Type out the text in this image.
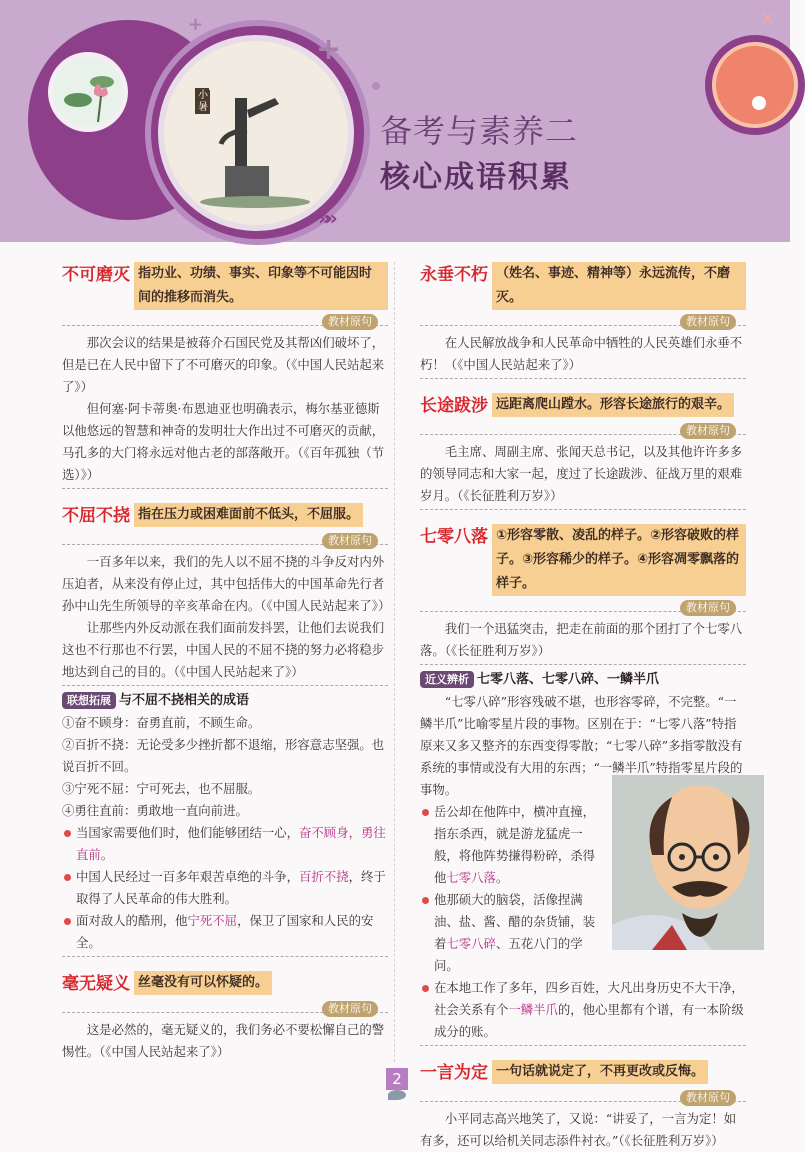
小暑
+
+	×
»»
备考与素养二
核心成语积累
不可磨灭 指功业、功绩、事实、印象等不可能因时间的推移而消失。
教材原句

那次会议的结果是被蒋介石国民党及其帮凶们破坏了，但是已在人民中留下了不可磨灭的印象。（《中国人民站起来了》）

但何塞·阿卡蒂奥·布恩迪亚也明确表示，梅尔基亚德斯以他悠远的智慧和神奇的发明壮大作出过不可磨灭的贡献，马孔多的大门将永远对他古老的部落敞开。（《百年孤独（节选）》）

不屈不挠 指在压力或困难面前不低头，不屈服。
教材原句

一百多年以来，我们的先人以不屈不挠的斗争反对内外压迫者，从来没有停止过，其中包括伟大的中国革命先行者孙中山先生所领导的辛亥革命在内。（《中国人民站起来了》）

让那些内外反动派在我们面前发抖罢，让他们去说我们这也不行那也不行罢，中国人民的不屈不挠的努力必将稳步地达到自己的目的。（《中国人民站起来了》）

联想拓展 与不屈不挠相关的成语
①奋不顾身：奋勇直前，不顾生命。
②百折不挠：无论受多少挫折都不退缩，形容意志坚强。也说百折不回。
③宁死不屈：宁可死去，也不屈服。
④勇往直前：勇敢地一直向前进。
当国家需要他们时，他们能够团结一心，奋不顾身，勇往直前。
中国人民经过一百多年艰苦卓绝的斗争，百折不挠，终于取得了人民革命的伟大胜利。
面对敌人的酷刑，他宁死不屈，保卫了国家和人民的安全。
毫无疑义 丝毫没有可以怀疑的。
教材原句

这是必然的，毫无疑义的，我们务必不要松懈自己的警惕性。（《中国人民站起来了》）

永垂不朽 （姓名、事迹、精神等）永远流传，不磨灭。
教材原句

在人民解放战争和人民革命中牺牲的人民英雄们永垂不朽！（《中国人民站起来了》）

长途跋涉 远距离爬山蹚水。形容长途旅行的艰辛。
教材原句

毛主席、周副主席、张闻天总书记，以及其他许许多多的领导同志和大家一起，度过了长途跋涉、征战万里的艰难岁月。（《长征胜利万岁》）

七零八落 ①形容零散、凌乱的样子。②形容破败的样子。③形容稀少的样子。④形容凋零飘落的样子。
教材原句

我们一个迅猛突击，把走在前面的那个团打了个七零八落。（《长征胜利万岁》）

近义辨析 七零八落、七零八碎、一鳞半爪

“七零八碎”形容残破不堪，也形容零碎，不完整。“一鳞半爪”比喻零星片段的事物。区别在于：“七零八落”特指原来又多又整齐的东西变得零散；“七零八碎”多指零散没有系统的事情或没有大用的东西；“一鳞半爪”特指零星片段的事物。

岳公却在他阵中，横冲直撞，指东杀西，就是游龙猛虎一般，将他阵势搛得粉碎，杀得他七零八落。
他那硕大的脑袋，活像捏满油、盐、酱、醋的杂货铺，装着七零八碎、五花八门的学问。
在本地工作了多年，四乡百姓，大凡出身历史不大干净，社会关系有个一鳞半爪的，他心里都有个谱，有一本阶级成分的账。
一言为定 一句话就说定了，不再更改或反悔。
教材原句

小平同志高兴地笑了，又说：“讲妥了，一言为定！如有多，还可以给机关同志添件衬衣。”（《长征胜利万岁》）

2
